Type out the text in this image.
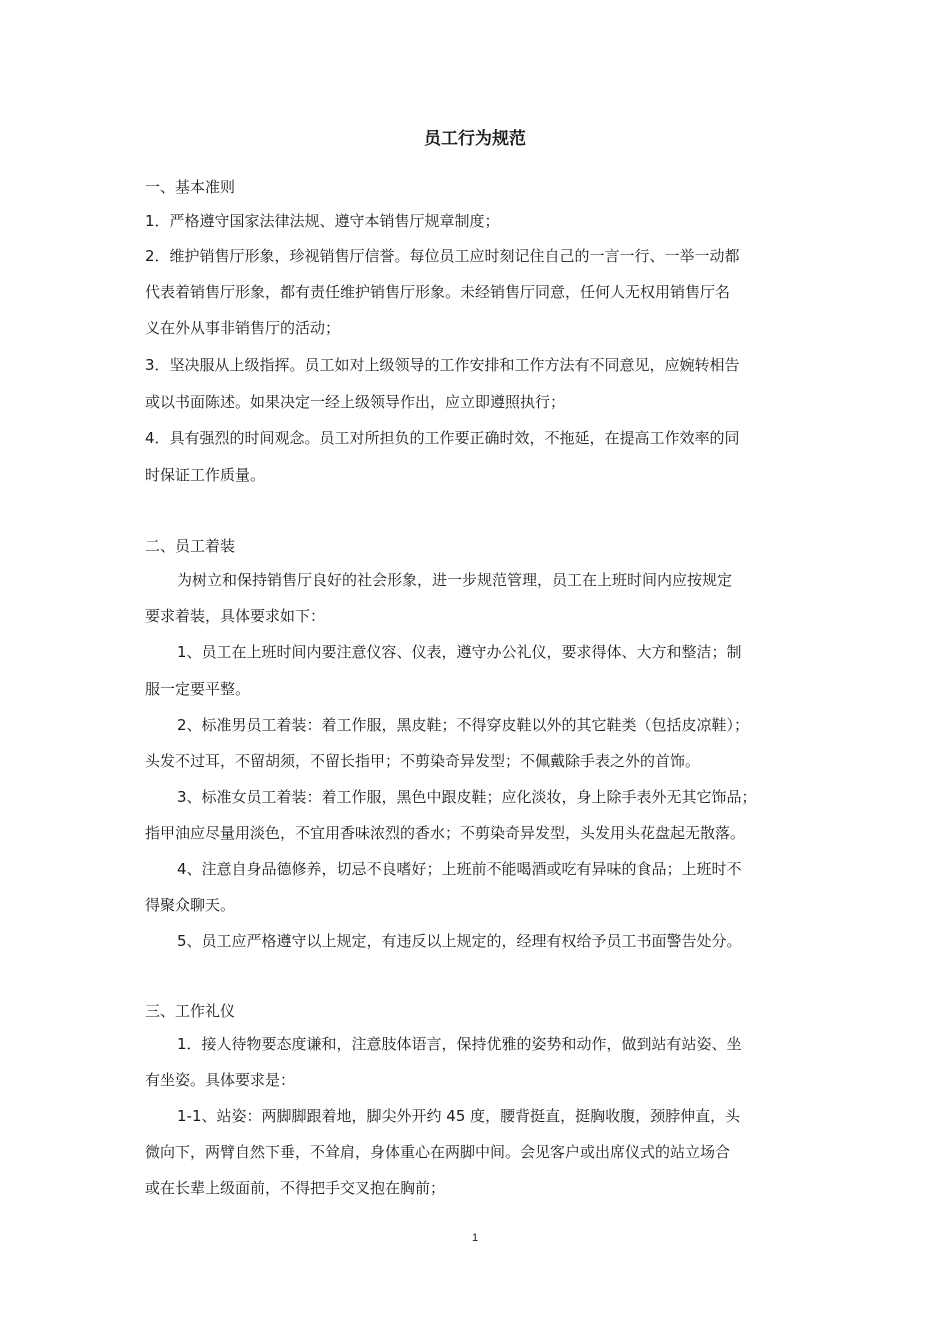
员工行为规范
一、基本准则
1．严格遵守国家法律法规、遵守本销售厅规章制度；
2．维护销售厅形象，珍视销售厅信誉。每位员工应时刻记住自己的一言一行、一举一动都
代表着销售厅形象，都有责任维护销售厅形象。未经销售厅同意，任何人无权用销售厅名
义在外从事非销售厅的活动；
3．坚决服从上级指挥。员工如对上级领导的工作安排和工作方法有不同意见，应婉转相告
或以书面陈述。如果决定一经上级领导作出，应立即遵照执行；
4．具有强烈的时间观念。员工对所担负的工作要正确时效，不拖延，在提高工作效率的同
时保证工作质量。
二、员工着装
为树立和保持销售厅良好的社会形象，进一步规范管理，员工在上班时间内应按规定
要求着装，具体要求如下：
1、员工在上班时间内要注意仪容、仪表，遵守办公礼仪，要求得体、大方和整洁；制
服一定要平整。
2、标准男员工着装：着工作服，黑皮鞋；不得穿皮鞋以外的其它鞋类（包括皮凉鞋）；
头发不过耳，不留胡须，不留长指甲；不剪染奇异发型；不佩戴除手表之外的首饰。
3、标准女员工着装：着工作服，黑色中跟皮鞋；应化淡妆，身上除手表外无其它饰品；
指甲油应尽量用淡色，不宜用香味浓烈的香水；不剪染奇异发型，头发用头花盘起无散落。
4、注意自身品德修养，切忌不良嗜好；上班前不能喝酒或吃有异味的食品；上班时不
得聚众聊天。
5、员工应严格遵守以上规定，有违反以上规定的，经理有权给予员工书面警告处分。
三、工作礼仪
1．接人待物要态度谦和，注意肢体语言，保持优雅的姿势和动作，做到站有站姿、坐
有坐姿。具体要求是：
1-1、站姿：两脚脚跟着地，脚尖外开约 45 度，腰背挺直，挺胸收腹，颈脖伸直，头
微向下，两臂自然下垂，不耸肩，身体重心在两脚中间。会见客户或出席仪式的站立场合
或在长辈上级面前，不得把手交叉抱在胸前；
1
